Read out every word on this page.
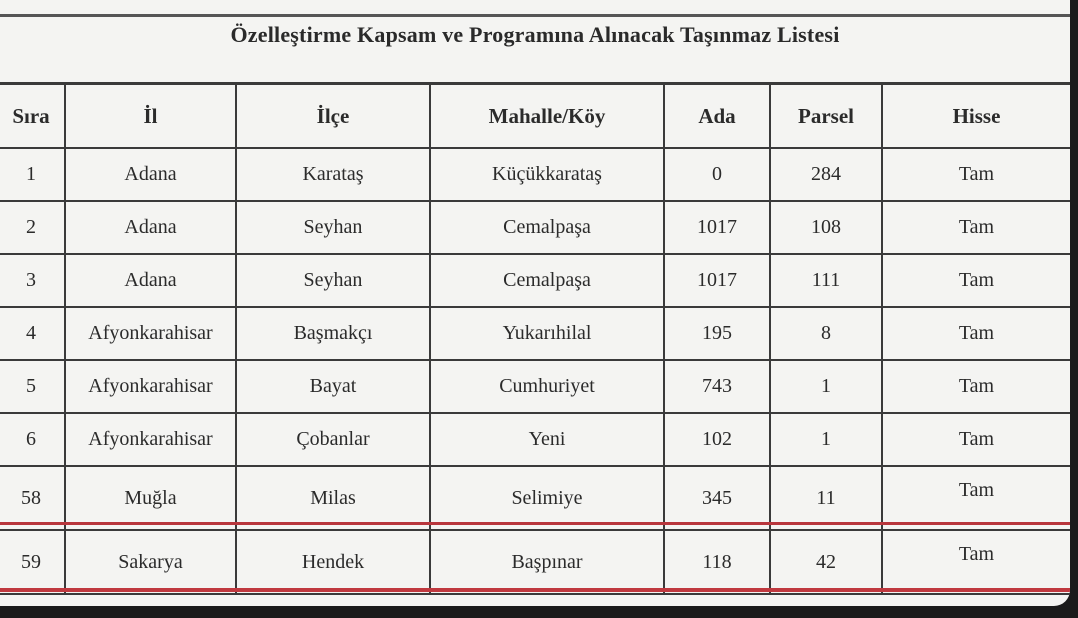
Özelleştirme Kapsam ve Programına Alınacak Taşınmaz Listesi
Sıra	İl	İlçe	Mahalle/Köy	Ada	Parsel	Hisse
1	Adana	Karataş	Küçükkarataş	0	284	Tam
2	Adana	Seyhan	Cemalpaşa	1017	108	Tam
3	Adana	Seyhan	Cemalpaşa	1017	111	Tam
4	Afyonkarahisar	Başmakçı	Yukarıhilal	195	8	Tam
5	Afyonkarahisar	Bayat	Cumhuriyet	743	1	Tam
6	Afyonkarahisar	Çobanlar	Yeni	102	1	Tam
58	Muğla	Milas	Selimiye	345	11	Tam
59	Sakarya	Hendek	Başpınar	118	42	Tam
